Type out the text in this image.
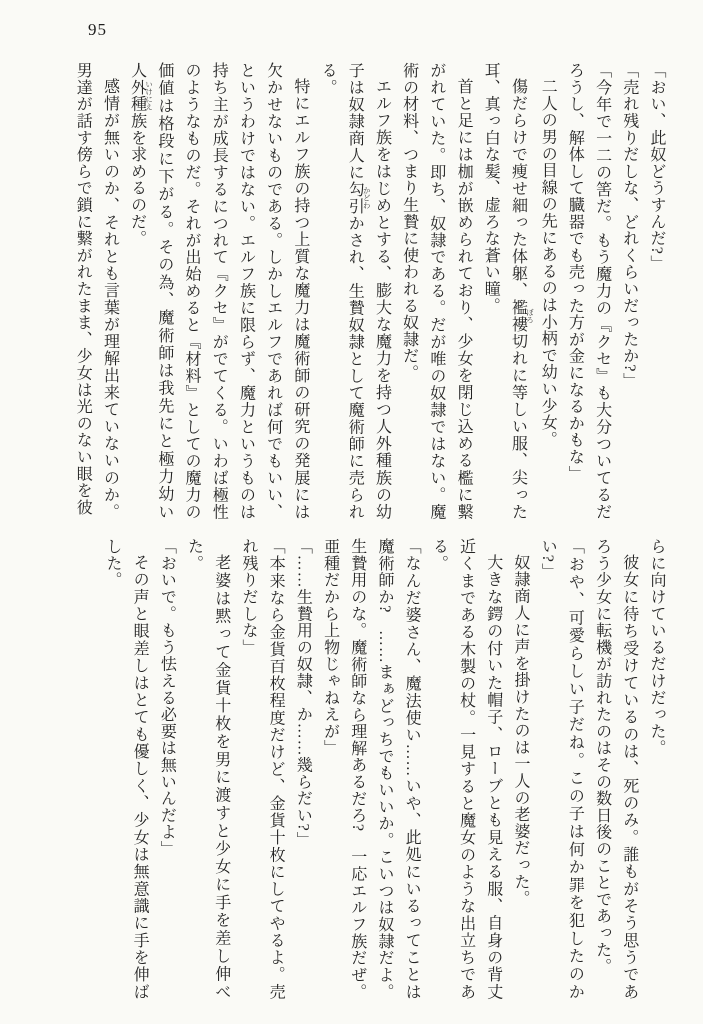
95

「おい、此奴どうすんだ?」

「売れ残りだしな、どれくらいだったか?」

「今年で一二の筈だ。もう魔力の『クセ』も大分ついてるだろうし、解体して臓器でも売った方が金になるかもな」

二人の男の目線の先にあるのは小柄で幼い少女。

傷だらけで痩せ細った体躯、襤褸 ぼろ切れに等しい服、尖った耳、真っ白な髪、虚ろな蒼い瞳。

首と足には枷が嵌められており、少女を閉じ込める檻に繋がれていた。即ち、奴隷である。だが唯の奴隷ではない。魔術の材料、つまり生贄に使われる奴隷だ。

エルフ族をはじめとする、膨大な魔力を持つ人外種族の幼子は奴隷商人に勾引 かどわかされ、生贄奴隷として魔術師に売られる。

特にエルフ族の持つ上質な魔力は魔術師の研究の発展には欠かせないものである。しかしエルフであれば何でもいい、というわけではない。エルフ族に限らず、魔力というものは持ち主が成長するにつれて『クセ』がでてくる。いわば極性のようなものだ。それが出始めると『材料』としての魔力の価値は格段に下がる。その為、魔術師は我先にと極力幼い人外種族 いけにえを求めるのだ。

感情が無いのか、それとも言葉が理解出来ていないのか。男達が話す傍らで鎖に繋がれたまま、少女は光のない眼を彼

らに向けているだけだった。

彼女に待ち受けているのは、死のみ。誰もがそう思うであろう少女に転機が訪れたのはその数日後のことであった。

「おや、可愛らしい子だね。この子は何か罪を犯したのかい?」

奴隷商人に声を掛けたのは一人の老婆だった。

大きな鍔の付いた帽子、ローブとも見える服、自身の背丈近くまである木製の杖。一見すると魔女のような出立ちである。

「なんだ婆さん、魔法使い……いや、此処にいるってことは魔術師か?　……まぁどっちでもいいか。こいつは奴隷だよ。生贄用のな。魔術師なら理解あるだろ?　一応エルフ族だぜ。亜種だから上物じゃねえが」

「……生贄用の奴隷、か……幾らだい?」

「本来なら金貨百枚程度だけど、金貨十枚にしてやるよ。売れ残りだしな」

老婆は黙って金貨十枚を男に渡すと少女に手を差し伸べた。

「おいで。もう怯える必要は無いんだよ」

その声と眼差しはとても優しく、少女は無意識に手を伸ばした。
